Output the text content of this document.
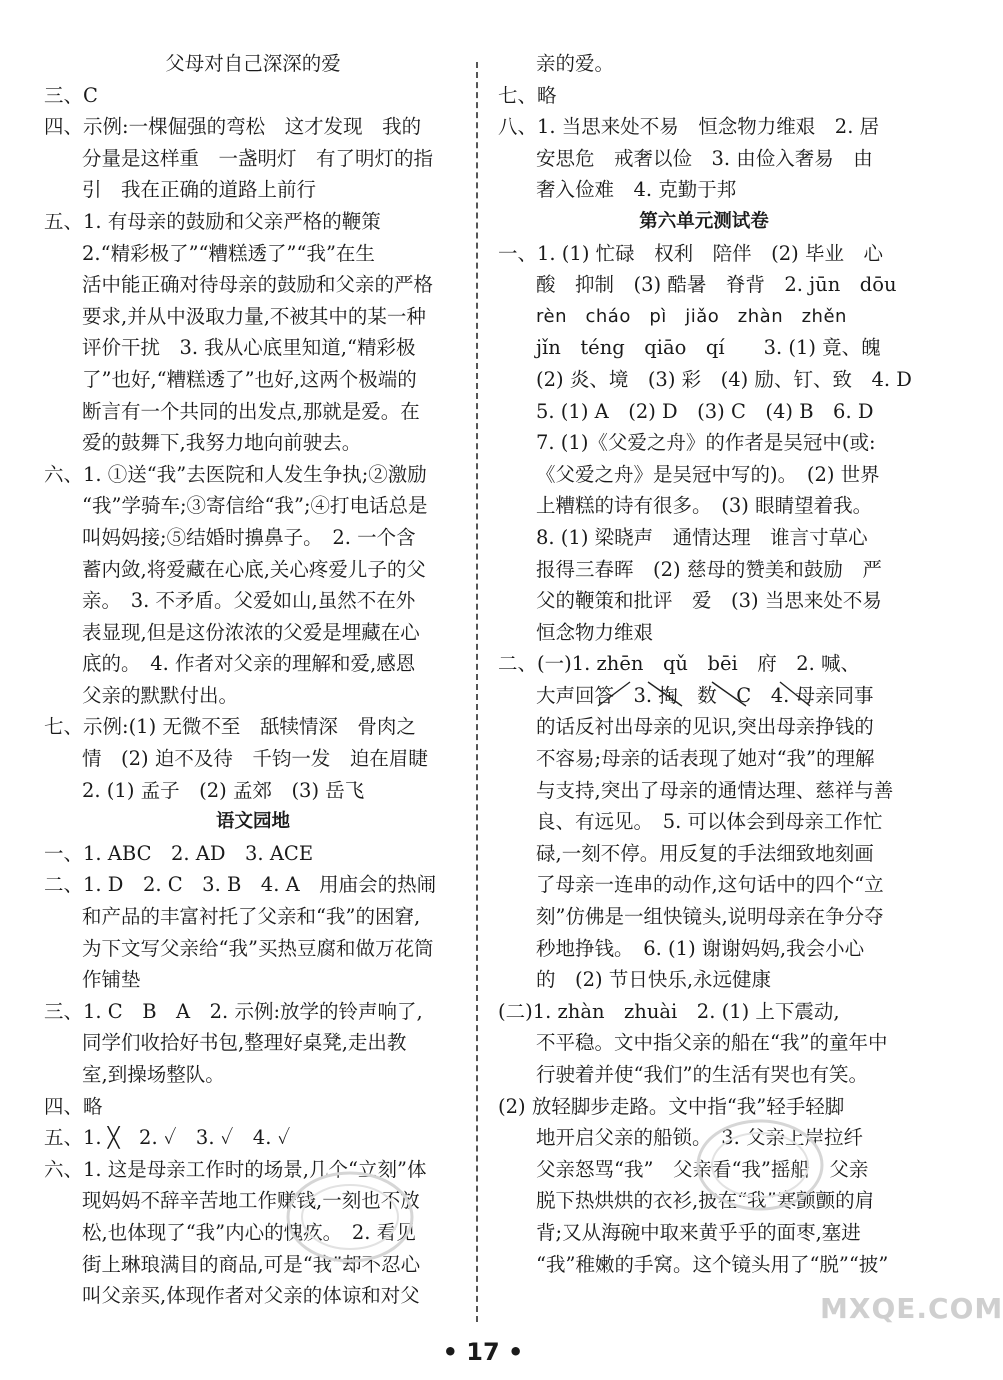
父母对自己深深的爱
三、C
四、示例:一棵倔强的弯松　这才发现　我的
分量是这样重　一盏明灯　有了明灯的指
引　我在正确的道路上前行
五、1. 有母亲的鼓励和父亲严格的鞭策
2.“精彩极了”“糟糕透了”“我”在生
活中能正确对待母亲的鼓励和父亲的严格
要求,并从中汲取力量,不被其中的某一种
评价干扰　3. 我从心底里知道,“精彩极
了”也好,“糟糕透了”也好,这两个极端的
断言有一个共同的出发点,那就是爱。在
爱的鼓舞下,我努力地向前驶去。
六、1. ①送“我”去医院和人发生争执;②激励
“我”学骑车;③寄信给“我”;④打电话总是
叫妈妈接;⑤结婚时擤鼻子。　2. 一个含
蓄内敛,将爱藏在心底,关心疼爱儿子的父
亲。　3. 不矛盾。父爱如山,虽然不在外
表显现,但是这份浓浓的父爱是埋藏在心
底的。　4. 作者对父亲的理解和爱,感恩
父亲的默默付出。
七、示例:(1) 无微不至　舐犊情深　骨肉之
情　(2) 迫不及待　千钧一发　迫在眉睫
2. (1) 孟子　(2) 孟郊　(3) 岳飞
语文园地
一、1. ABC　2. AD　3. ACE
二、1. D　2. C　3. B　4. A　用庙会的热闹
和产品的丰富衬托了父亲和“我”的困窘,
为下文写父亲给“我”买热豆腐和做万花筒
作铺垫
三、1. C　B　A　2. 示例:放学的铃声响了,
同学们收拾好书包,整理好桌凳,走出教
室,到操场整队。
四、略
五、1. ╳　2. ✓　3. ✓　4. ✓
六、1. 这是母亲工作时的场景,几个“立刻”体
现妈妈不辞辛苦地工作赚钱,一刻也不放
松,也体现了“我”内心的愧疚。　2. 看见
街上琳琅满目的商品,可是“我”却不忍心
叫父亲买,体现作者对父亲的体谅和对父
亲的爱。
七、略
八、1. 当思来处不易　恒念物力维艰　2. 居
安思危　戒奢以俭　3. 由俭入奢易　由
奢入俭难　4. 克勤于邦
第六单元测试卷
一、1. (1) 忙碌　权利　陪伴　(2) 毕业　心
酸　抑制　(3) 酷暑　脊背　2. jūn　dōu
rèn　cháo　pì　jiǎo　zhàn　zhěn
jǐn　téng　qiāo　qí　　3. (1) 竟、魄
(2) 炎、境　(3) 彩　(4) 励、钉、致　4. D
5. (1) A　(2) D　(3) C　(4) B　6. D
7. (1)《父爱之舟》的作者是吴冠中(或:
《父爱之舟》是吴冠中写的)。　(2) 世界
上糟糕的诗有很多。　(3) 眼睛望着我。
8. (1) 梁晓声　通情达理　谁言寸草心
报得三春晖　(2) 慈母的赞美和鼓励　严
父的鞭策和批评　爱　(3) 当思来处不易
恒念物力维艰
二、(一)1. zhēn　qǔ　bēi　府　2. 喊、
大声回答　3. 掏　数　C　4. 母亲同事
的话反衬出母亲的见识,突出母亲挣钱的
不容易;母亲的话表现了她对“我”的理解
与支持,突出了母亲的通情达理、慈祥与善
良、有远见。　5. 可以体会到母亲工作忙
碌,一刻不停。用反复的手法细致地刻画
了母亲一连串的动作,这句话中的四个“立
刻”仿佛是一组快镜头,说明母亲在争分夺
秒地挣钱。　6. (1) 谢谢妈妈,我会小心
的　(2) 节日快乐,永远健康
(二)1. zhàn　zhuài　2. (1) 上下震动,
不平稳。文中指父亲的船在“我”的童年中
行驶着并使“我们”的生活有哭也有笑。
(2) 放轻脚步走路。文中指“我”轻手轻脚
地开启父亲的船锁。　3. 父亲上岸拉纤
父亲怒骂“我”　父亲看“我”摇船　父亲
脱下热烘烘的衣衫,披在“我”寒颤颤的肩
背;又从海碗中取来黄乎乎的面枣,塞进
“我”稚嫩的手窝。这个镜头用了“脱”“披”
MXQE.COM
• 17 •
